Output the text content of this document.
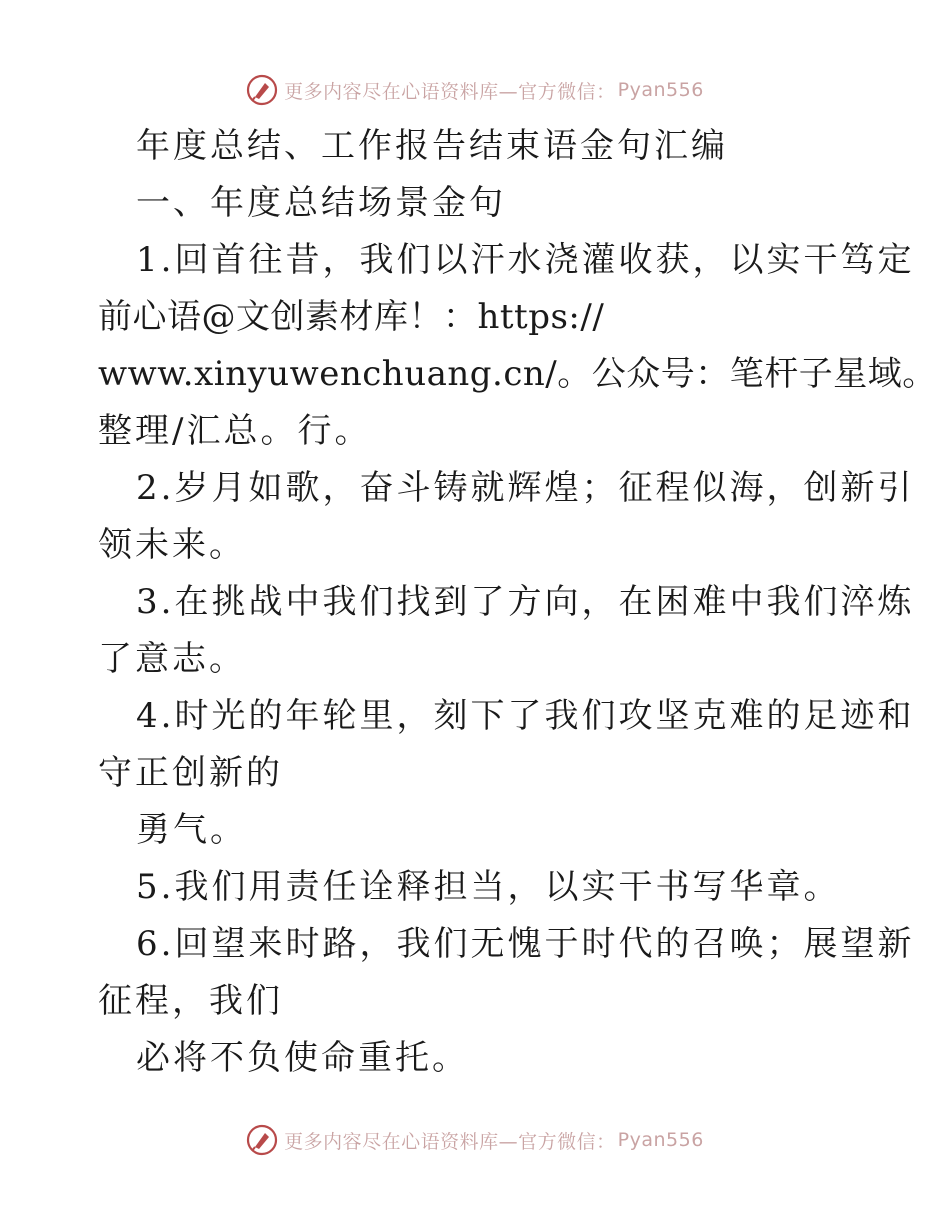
更多内容尽在心语资料库—官方微信： Pyan556
年度总结、工作报告结束语金句汇编
一、年度总结场景金句
1.回首往昔，我们以汗水浇灌收获，以实干笃定
前心语@文创素材库！：https://
www.xinyuwenchuang.cn/。公众号：笔杆子星域。
整理/汇总。行。
2.岁月如歌，奋斗铸就辉煌；征程似海，创新引
领未来。
3.在挑战中我们找到了方向，在困难中我们淬炼
了意志。
4.时光的年轮里，刻下了我们攻坚克难的足迹和
守正创新的
勇气。
5.我们用责任诠释担当，以实干书写华章。
6.回望来时路，我们无愧于时代的召唤；展望新
征程，我们
必将不负使命重托。
更多内容尽在心语资料库—官方微信： Pyan556
